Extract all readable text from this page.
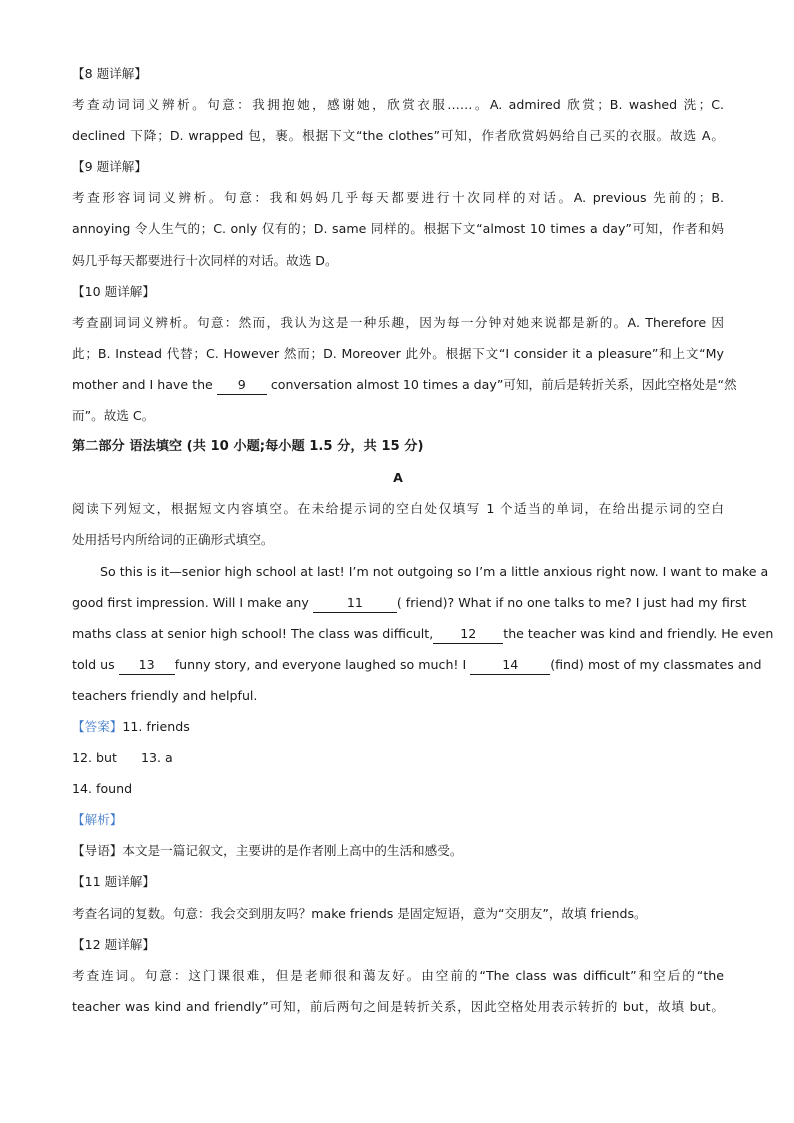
【8 题详解】
考查动词词义辨析。句意：我拥抱她，感谢她，欣赏衣服……。A. admired 欣赏；B. washed 洗；C.
declined 下降；D. wrapped 包，裹。根据下文“the clothes”可知，作者欣赏妈妈给自己买的衣服。故选 A。
【9 题详解】
考查形容词词义辨析。句意：我和妈妈几乎每天都要进行十次同样的对话。A. previous 先前的；B.
annoying 令人生气的；C. only 仅有的；D. same 同样的。根据下文“almost 10 times a day”可知，作者和妈
妈几乎每天都要进行十次同样的对话。故选 D。
【10 题详解】
考查副词词义辨析。句意：然而，我认为这是一种乐趣，因为每一分钟对她来说都是新的。A. Therefore 因
此；B. Instead 代替；C. However 然而；D. Moreover 此外。根据下文“I consider it a pleasure”和上文“My
mother and I have the 9 conversation almost 10 times a day”可知，前后是转折关系，因此空格处是“然
而”。故选 C。
第二部分 语法填空 (共 10 小题;每小题 1.5 分，共 15 分)
A
阅读下列短文，根据短文内容填空。在未给提示词的空白处仅填写 1 个适当的单词，在给出提示词的空白
处用括号内所给词的正确形式填空。
So this is it—senior high school at last! I’m not outgoing so I’m a little anxious right now. I want to make a
good first impression. Will I make any	11	( friend)? What if no one talks to me? I just had my first
maths class at senior high school! The class was difficult, 12 the teacher was kind and friendly. He even
told us 13 funny story, and everyone laughed so much! I	14	(find) most of my classmates and
teachers friendly and helpful.
【答案】11. friends
12. but 13. a
14. found
【解析】
【导语】本文是一篇记叙文，主要讲的是作者刚上高中的生活和感受。
【11 题详解】
考查名词的复数。句意：我会交到朋友吗？make friends 是固定短语，意为“交朋友”，故填 friends。
【12 题详解】
考查连词。句意：这门课很难，但是老师很和蔼友好。由空前的“The class was difficult”和空后的“the
teacher was kind and friendly”可知，前后两句之间是转折关系，因此空格处用表示转折的 but，故填 but。
